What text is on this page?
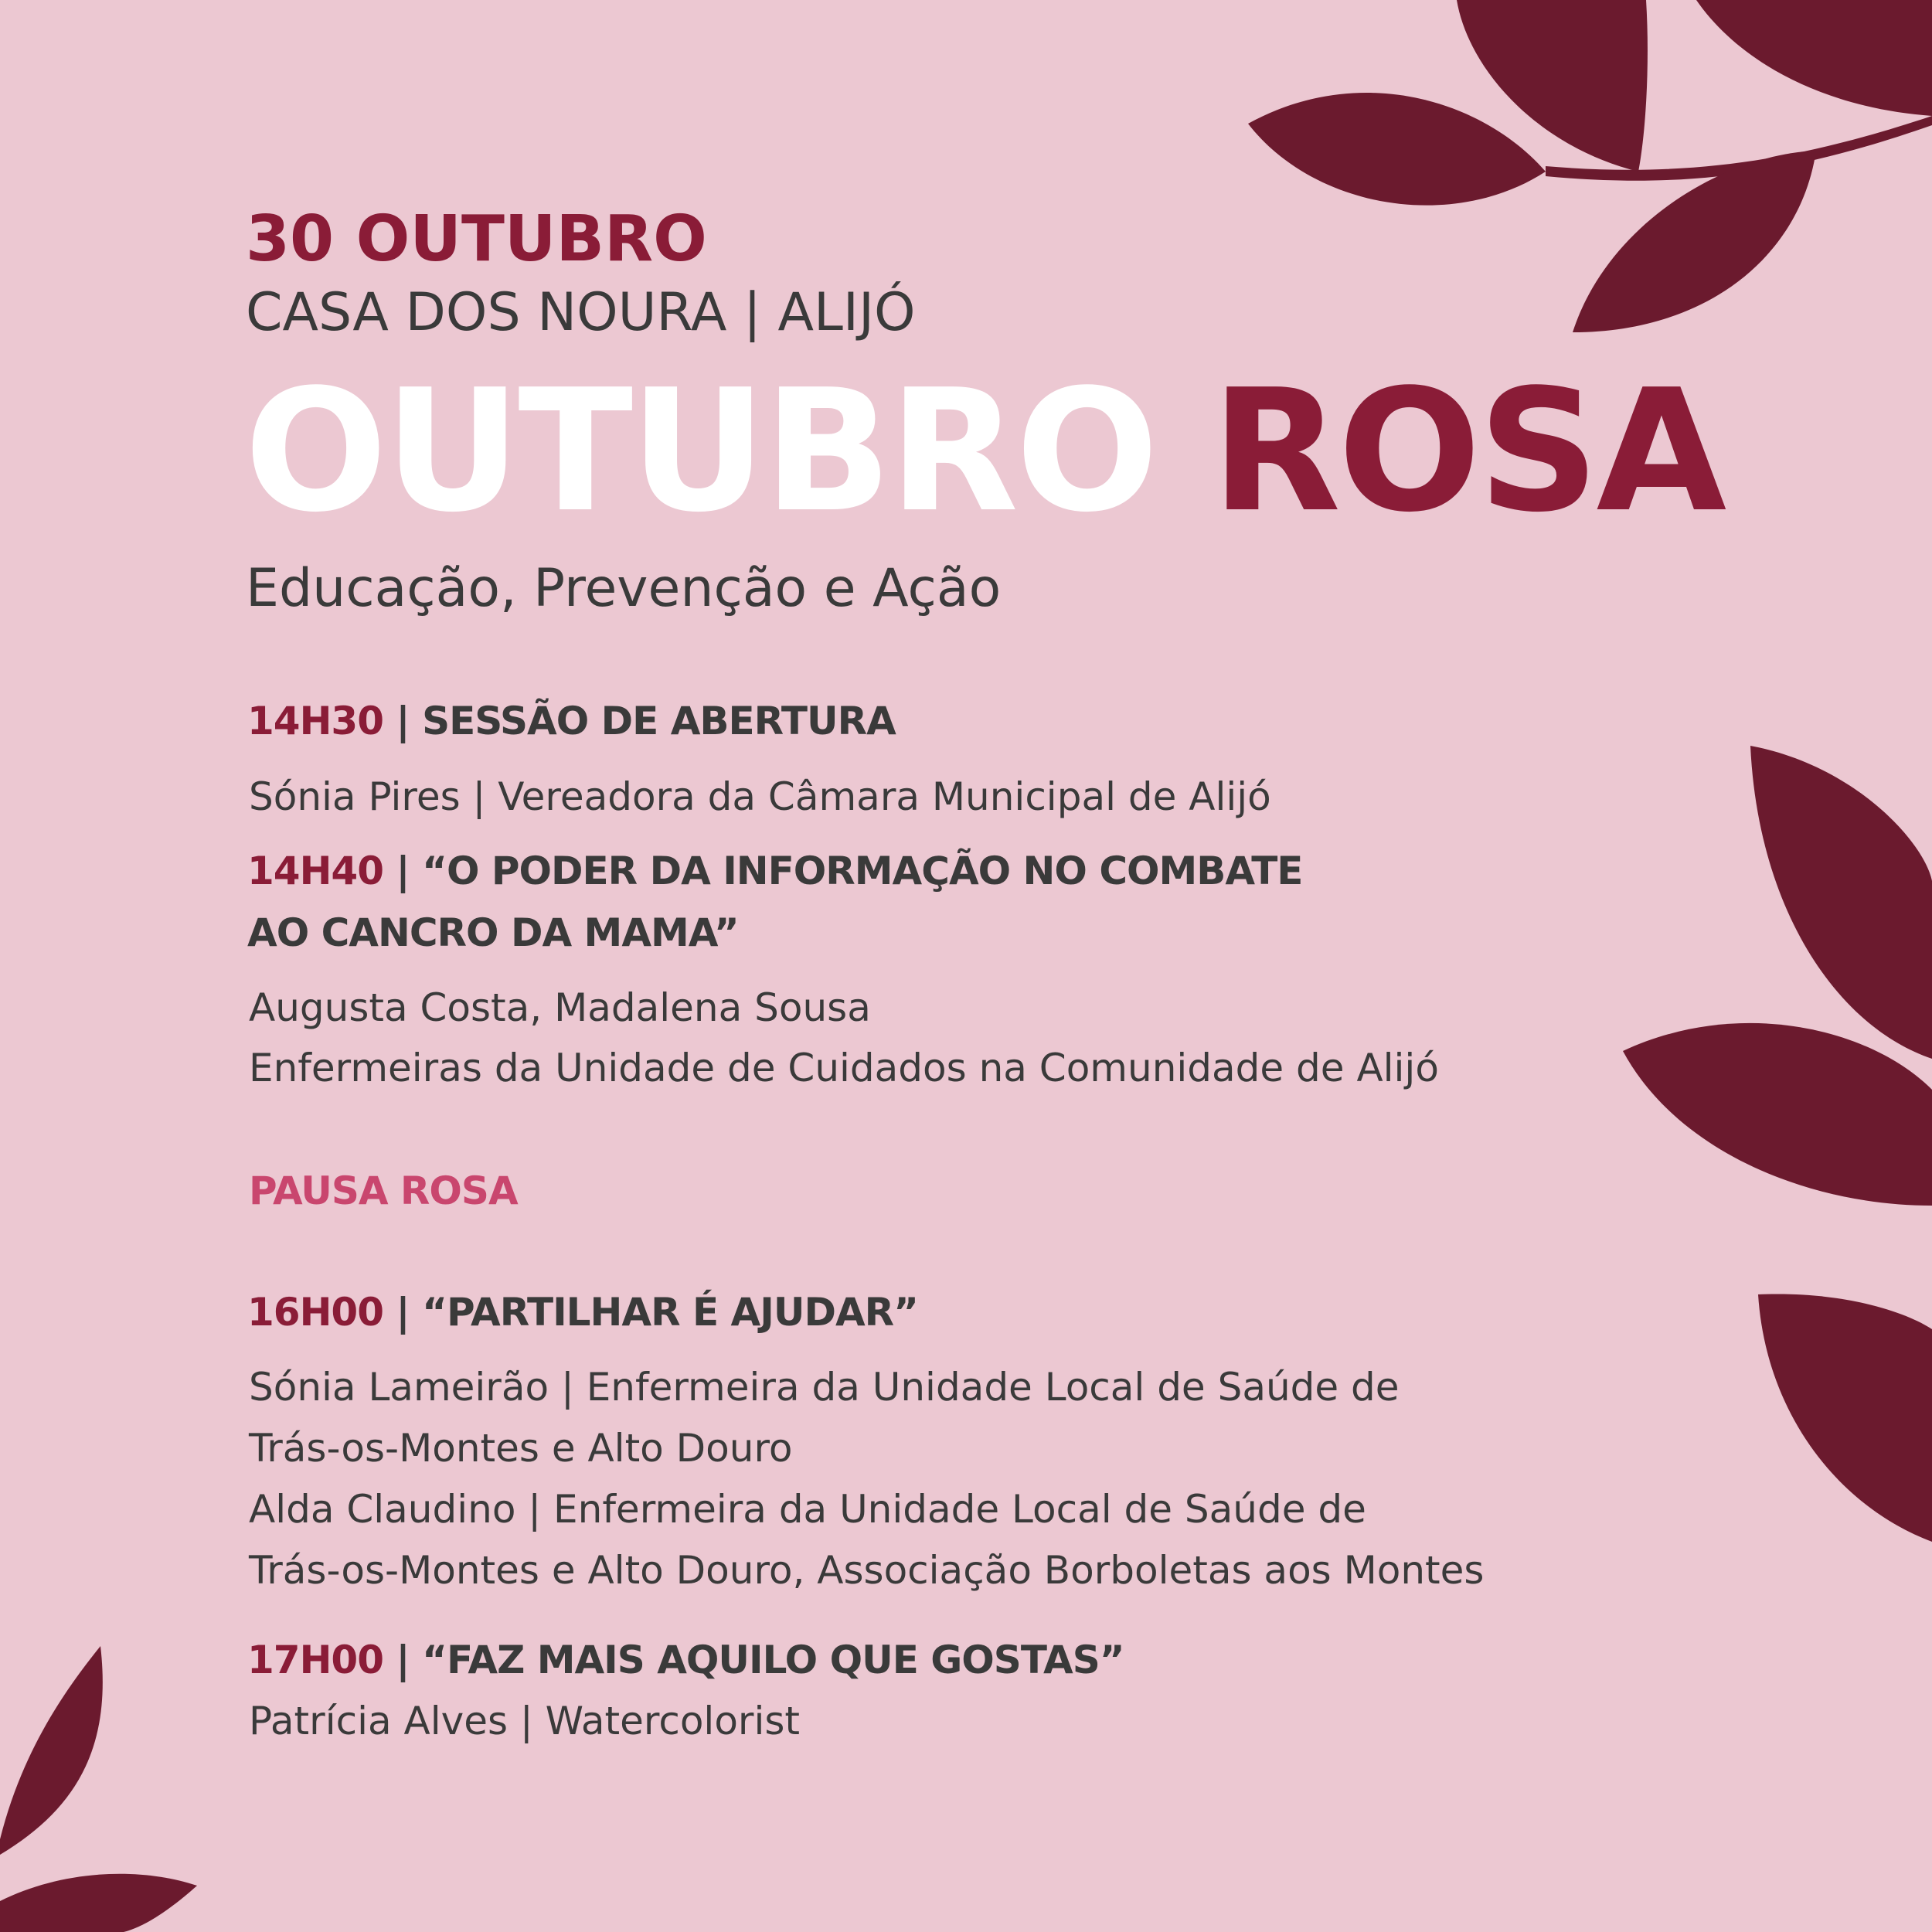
30 OUTUBRO
CASA DOS NOURA | ALIJÓ
OUTUBRO ROSA
Educação, Prevenção e Ação
14H30 | SESSÃO DE ABERTURA
Sónia Pires | Vereadora da Câmara Municipal de Alijó
14H40 | “O PODER DA INFORMAÇÃO NO COMBATE
AO CANCRO DA MAMA”
Augusta Costa, Madalena Sousa
Enfermeiras da Unidade de Cuidados na Comunidade de Alijó
PAUSA ROSA
16H00 | “PARTILHAR É AJUDAR”
Sónia Lameirão | Enfermeira da Unidade Local de Saúde de
Trás-os-Montes e Alto Douro
Alda Claudino | Enfermeira da Unidade Local de Saúde de
Trás-os-Montes e Alto Douro, Associação Borboletas aos Montes
17H00 | “FAZ MAIS AQUILO QUE GOSTAS”
Patrícia Alves | Watercolorist
